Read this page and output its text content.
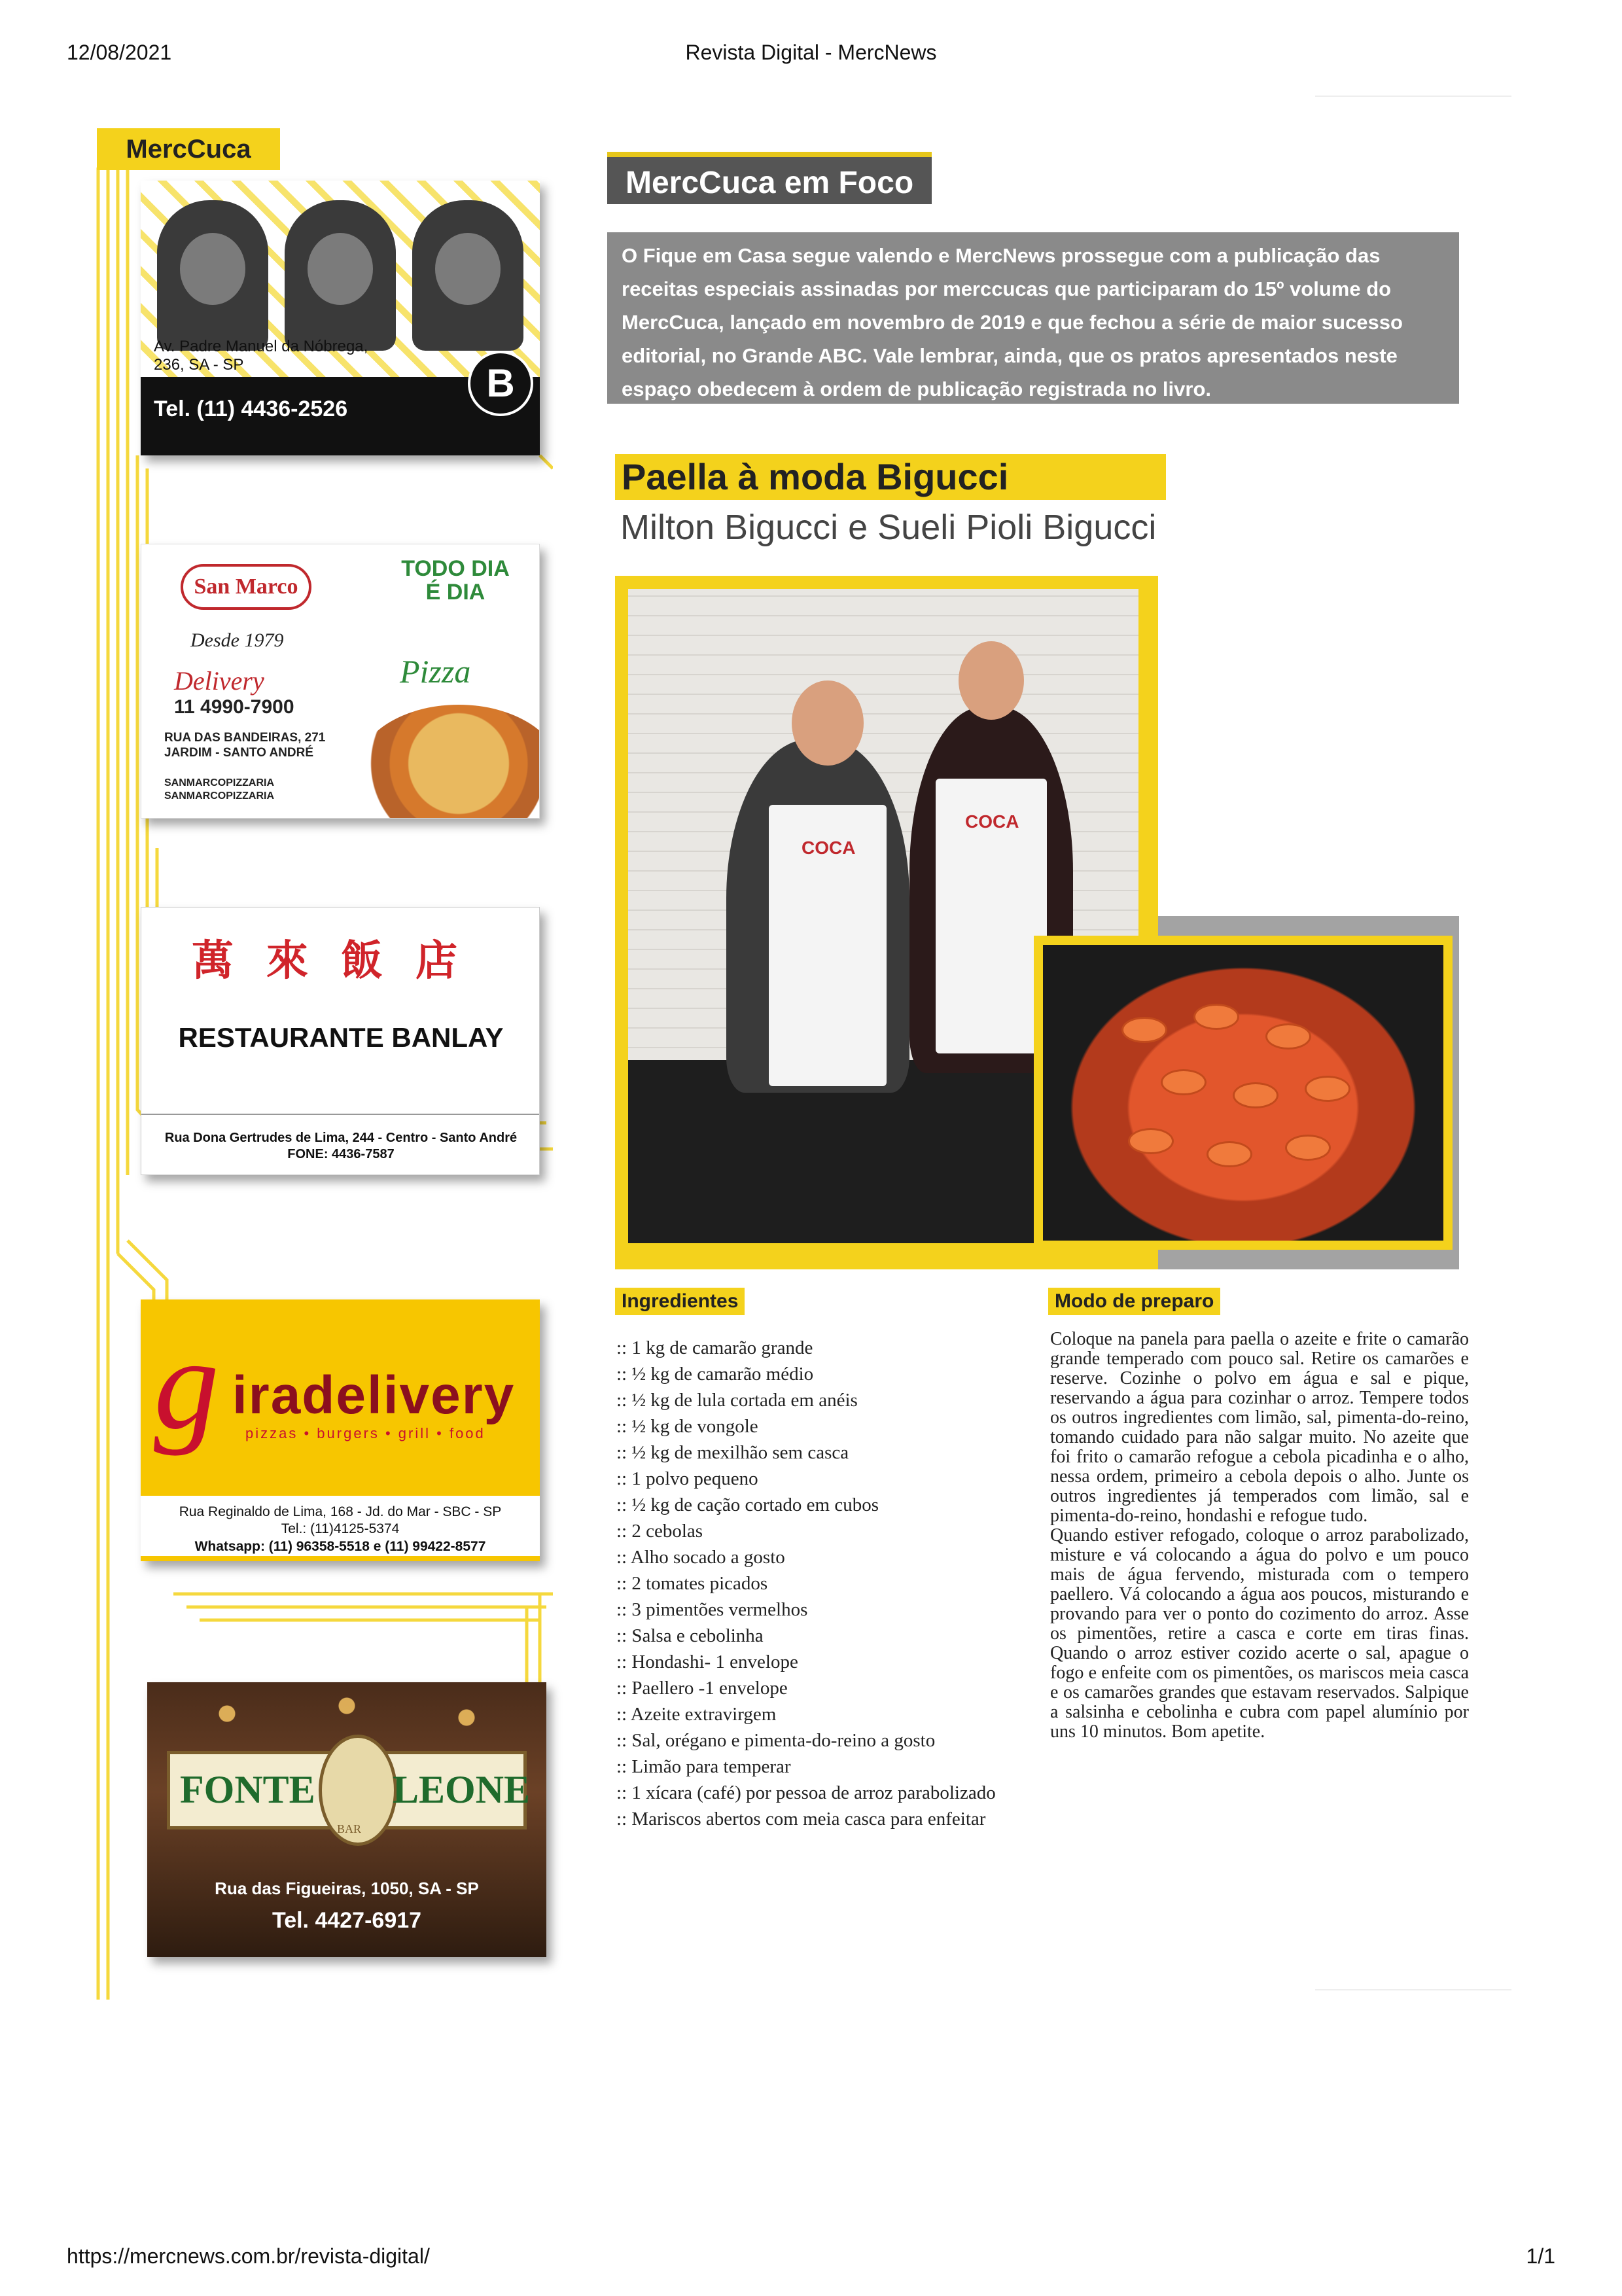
12/08/2021	Revista Digital - MercNews
https://mercnews.com.br/revista-digital/	1/1
MercCuca
Tel. (11) 4436-2526
B
Av. Padre Manuel da Nóbrega, 236, SA - SP
San Marco
Desde 1979
Delivery
11 4990-7900
RUA DAS BANDEIRAS, 271 JARDIM - SANTO ANDRÉ
SANMARCOPIZZARIA
SANMARCOPIZZARIA
TODO DIA É DIA
Pizza
萬來飯店
RESTAURANTE BANLAY
Rua Dona Gertrudes de Lima, 244 - Centro - Santo André
FONE: 4436-7587
g iradelivery
pizzas • burgers • grill • food
Rua Reginaldo de Lima, 168 - Jd. do Mar - SBC - SP
Tel.: (11)4125-5374
Whatsapp: (11) 96358-5518 e (11) 99422-8577
FONTE LEONE
BAR
Rua das Figueiras, 1050, SA - SP
Tel. 4427-6917
MercCuca em Foco
O Fique em Casa segue valendo e MercNews prossegue com a publicação das receitas especiais assinadas por merccucas que participaram do 15º volume do MercCuca, lançado em novembro de 2019 e que fechou a série de maior sucesso editorial, no Grande ABC. Vale lembrar, ainda, que os pratos apresentados neste espaço obedecem à ordem de publicação registrada no livro.
Paella à moda Bigucci
Milton Bigucci e Sueli Pioli Bigucci
COCA
COCA
Ingredientes	Modo de preparo
:: 1 kg de camarão grande
:: ½ kg de camarão médio
:: ½ kg de lula cortada em anéis
:: ½ kg de vongole
:: ½ kg de mexilhão sem casca
:: 1 polvo pequeno
:: ½ kg de cação cortado em cubos
:: 2 cebolas
:: Alho socado a gosto
:: 2 tomates picados
:: 3 pimentões vermelhos
:: Salsa e cebolinha
:: Hondashi- 1 envelope
:: Paellero -1 envelope
:: Azeite extravirgem
:: Sal, orégano e pimenta-do-reino a gosto
:: Limão para temperar
:: 1 xícara (café) por pessoa de arroz parabolizado
:: Mariscos abertos com meia casca para enfeitar

Coloque na panela para paella o azeite e frite o camarão grande temperado com pouco sal. Retire os camarões e reserve. Cozinhe o polvo em água e sal e pique, reservando a água para cozinhar o arroz. Tempere todos os outros ingredientes com limão, sal, pimenta-do-reino, tomando cuidado para não salgar muito. No azeite que foi frito o camarão refogue a cebola picadinha e o alho, nessa ordem, primeiro a cebola depois o alho. Junte os outros ingredientes já temperados com limão, sal e pimenta-do-reino, hondashi e refogue tudo.

Quando estiver refogado, coloque o arroz parabolizado, misture e vá colocando a água do polvo e um pouco mais de água fervendo, misturada com o tempero paellero. Vá colocando a água aos poucos, misturando e provando para ver o ponto do cozimento do arroz. Asse os pimentões, retire a casca e corte em tiras finas. Quando o arroz estiver cozido acerte o sal, apague o fogo e enfeite com os pimentões, os mariscos meia casca e os camarões grandes que estavam reservados. Salpique a salsinha e cebolinha e cubra com papel alumínio por uns 10 minutos. Bom apetite.
